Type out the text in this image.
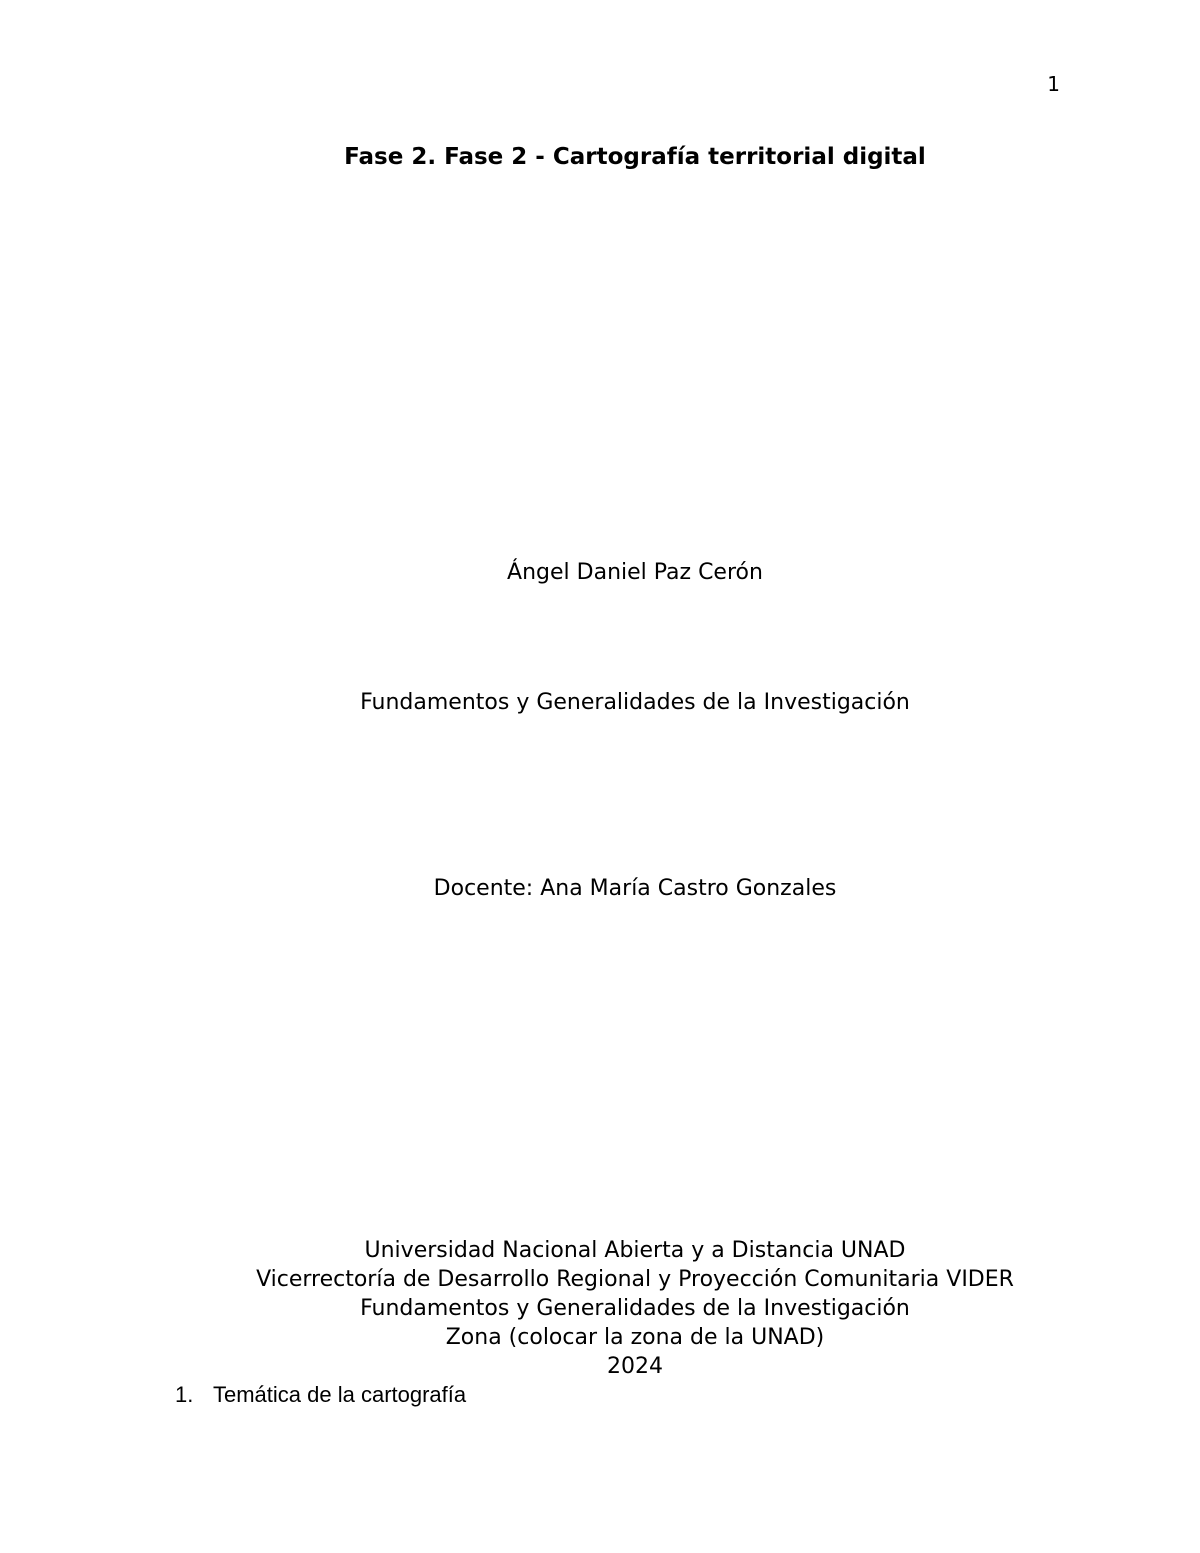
1
Fase 2. Fase 2 - Cartografía territorial digital
Ángel Daniel Paz Cerón
Fundamentos y Generalidades de la Investigación
Docente: Ana María Castro Gonzales
Universidad Nacional Abierta y a Distancia UNAD
Vicerrectoría de Desarrollo Regional y Proyección Comunitaria VIDER
Fundamentos y Generalidades de la Investigación
Zona (colocar la zona de la UNAD)
2024
1. Temática de la cartografía
